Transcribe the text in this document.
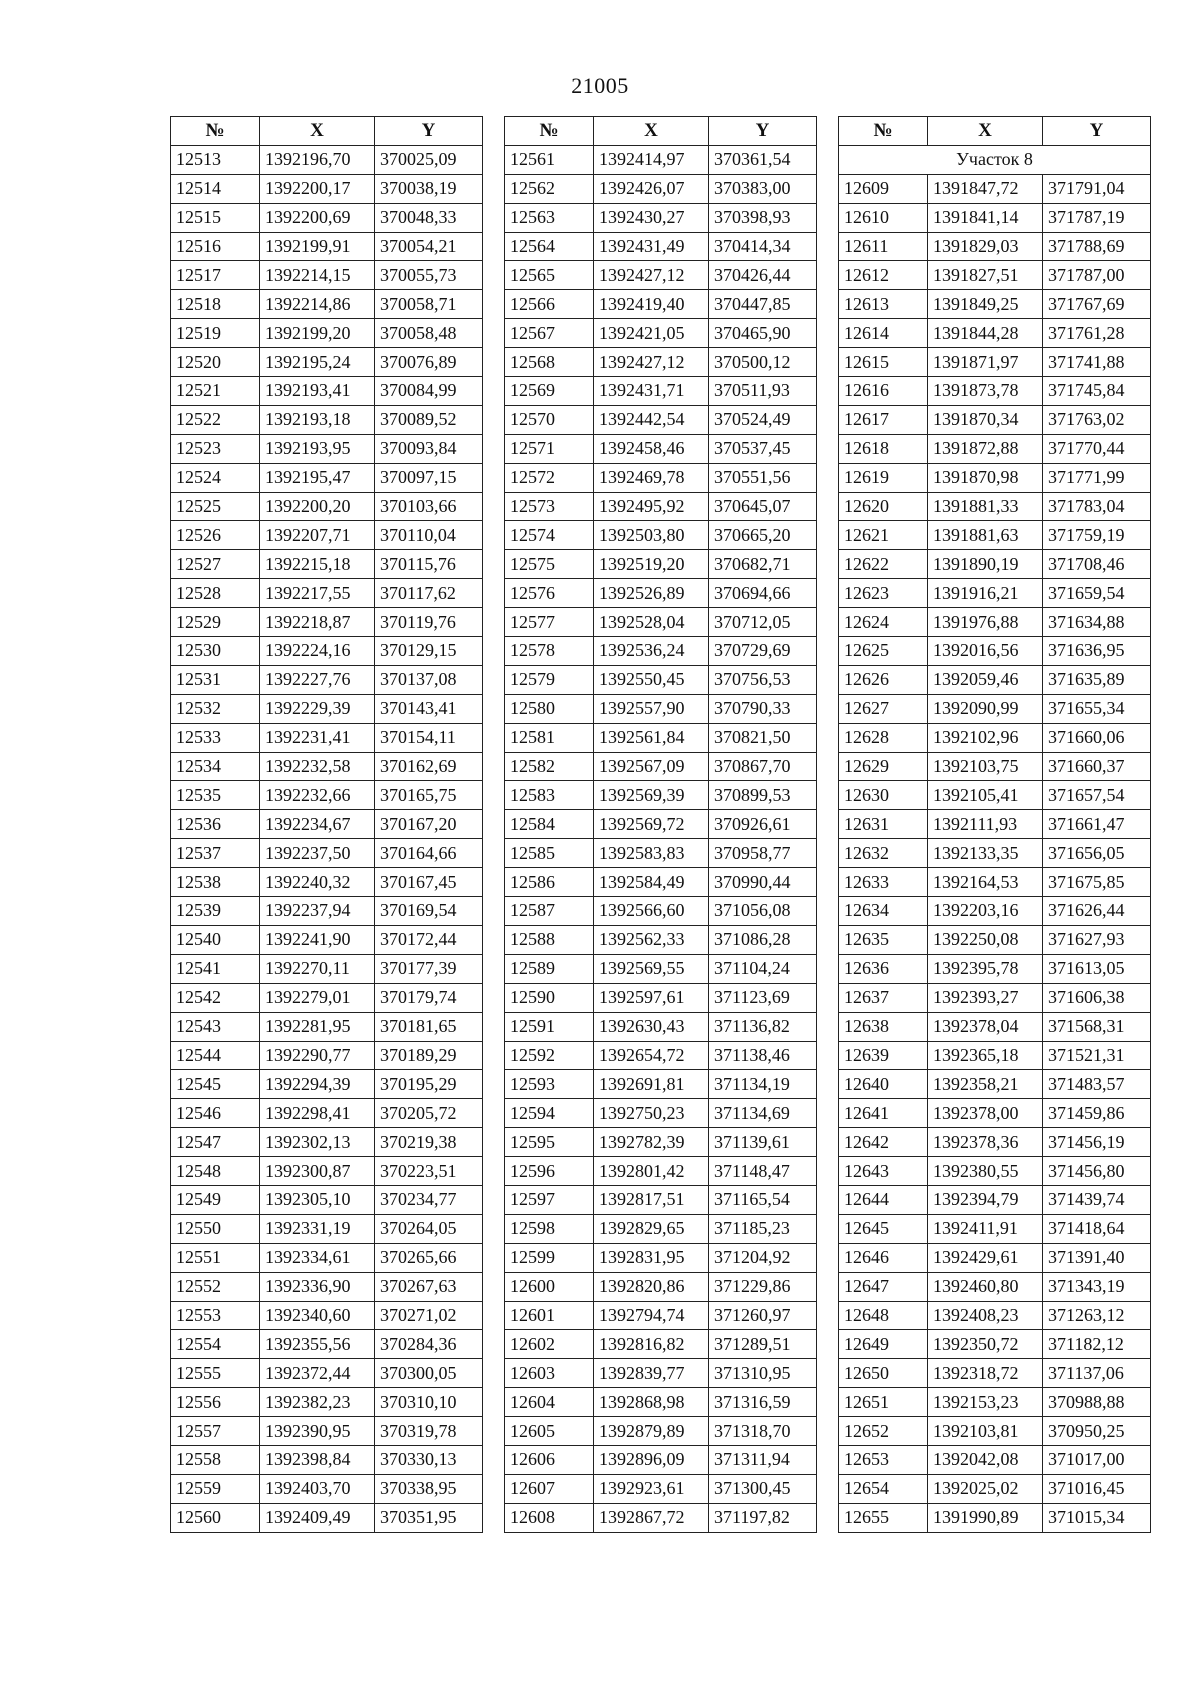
21005
№	X	Y
12513	1392196,70	370025,09
12514	1392200,17	370038,19
12515	1392200,69	370048,33
12516	1392199,91	370054,21
12517	1392214,15	370055,73
12518	1392214,86	370058,71
12519	1392199,20	370058,48
12520	1392195,24	370076,89
12521	1392193,41	370084,99
12522	1392193,18	370089,52
12523	1392193,95	370093,84
12524	1392195,47	370097,15
12525	1392200,20	370103,66
12526	1392207,71	370110,04
12527	1392215,18	370115,76
12528	1392217,55	370117,62
12529	1392218,87	370119,76
12530	1392224,16	370129,15
12531	1392227,76	370137,08
12532	1392229,39	370143,41
12533	1392231,41	370154,11
12534	1392232,58	370162,69
12535	1392232,66	370165,75
12536	1392234,67	370167,20
12537	1392237,50	370164,66
12538	1392240,32	370167,45
12539	1392237,94	370169,54
12540	1392241,90	370172,44
12541	1392270,11	370177,39
12542	1392279,01	370179,74
12543	1392281,95	370181,65
12544	1392290,77	370189,29
12545	1392294,39	370195,29
12546	1392298,41	370205,72
12547	1392302,13	370219,38
12548	1392300,87	370223,51
12549	1392305,10	370234,77
12550	1392331,19	370264,05
12551	1392334,61	370265,66
12552	1392336,90	370267,63
12553	1392340,60	370271,02
12554	1392355,56	370284,36
12555	1392372,44	370300,05
12556	1392382,23	370310,10
12557	1392390,95	370319,78
12558	1392398,84	370330,13
12559	1392403,70	370338,95
12560	1392409,49	370351,95
№	X	Y
12561	1392414,97	370361,54
12562	1392426,07	370383,00
12563	1392430,27	370398,93
12564	1392431,49	370414,34
12565	1392427,12	370426,44
12566	1392419,40	370447,85
12567	1392421,05	370465,90
12568	1392427,12	370500,12
12569	1392431,71	370511,93
12570	1392442,54	370524,49
12571	1392458,46	370537,45
12572	1392469,78	370551,56
12573	1392495,92	370645,07
12574	1392503,80	370665,20
12575	1392519,20	370682,71
12576	1392526,89	370694,66
12577	1392528,04	370712,05
12578	1392536,24	370729,69
12579	1392550,45	370756,53
12580	1392557,90	370790,33
12581	1392561,84	370821,50
12582	1392567,09	370867,70
12583	1392569,39	370899,53
12584	1392569,72	370926,61
12585	1392583,83	370958,77
12586	1392584,49	370990,44
12587	1392566,60	371056,08
12588	1392562,33	371086,28
12589	1392569,55	371104,24
12590	1392597,61	371123,69
12591	1392630,43	371136,82
12592	1392654,72	371138,46
12593	1392691,81	371134,19
12594	1392750,23	371134,69
12595	1392782,39	371139,61
12596	1392801,42	371148,47
12597	1392817,51	371165,54
12598	1392829,65	371185,23
12599	1392831,95	371204,92
12600	1392820,86	371229,86
12601	1392794,74	371260,97
12602	1392816,82	371289,51
12603	1392839,77	371310,95
12604	1392868,98	371316,59
12605	1392879,89	371318,70
12606	1392896,09	371311,94
12607	1392923,61	371300,45
12608	1392867,72	371197,82
№	X	Y
Участок 8		
12609	1391847,72	371791,04
12610	1391841,14	371787,19
12611	1391829,03	371788,69
12612	1391827,51	371787,00
12613	1391849,25	371767,69
12614	1391844,28	371761,28
12615	1391871,97	371741,88
12616	1391873,78	371745,84
12617	1391870,34	371763,02
12618	1391872,88	371770,44
12619	1391870,98	371771,99
12620	1391881,33	371783,04
12621	1391881,63	371759,19
12622	1391890,19	371708,46
12623	1391916,21	371659,54
12624	1391976,88	371634,88
12625	1392016,56	371636,95
12626	1392059,46	371635,89
12627	1392090,99	371655,34
12628	1392102,96	371660,06
12629	1392103,75	371660,37
12630	1392105,41	371657,54
12631	1392111,93	371661,47
12632	1392133,35	371656,05
12633	1392164,53	371675,85
12634	1392203,16	371626,44
12635	1392250,08	371627,93
12636	1392395,78	371613,05
12637	1392393,27	371606,38
12638	1392378,04	371568,31
12639	1392365,18	371521,31
12640	1392358,21	371483,57
12641	1392378,00	371459,86
12642	1392378,36	371456,19
12643	1392380,55	371456,80
12644	1392394,79	371439,74
12645	1392411,91	371418,64
12646	1392429,61	371391,40
12647	1392460,80	371343,19
12648	1392408,23	371263,12
12649	1392350,72	371182,12
12650	1392318,72	371137,06
12651	1392153,23	370988,88
12652	1392103,81	370950,25
12653	1392042,08	371017,00
12654	1392025,02	371016,45
12655	1391990,89	371015,34
